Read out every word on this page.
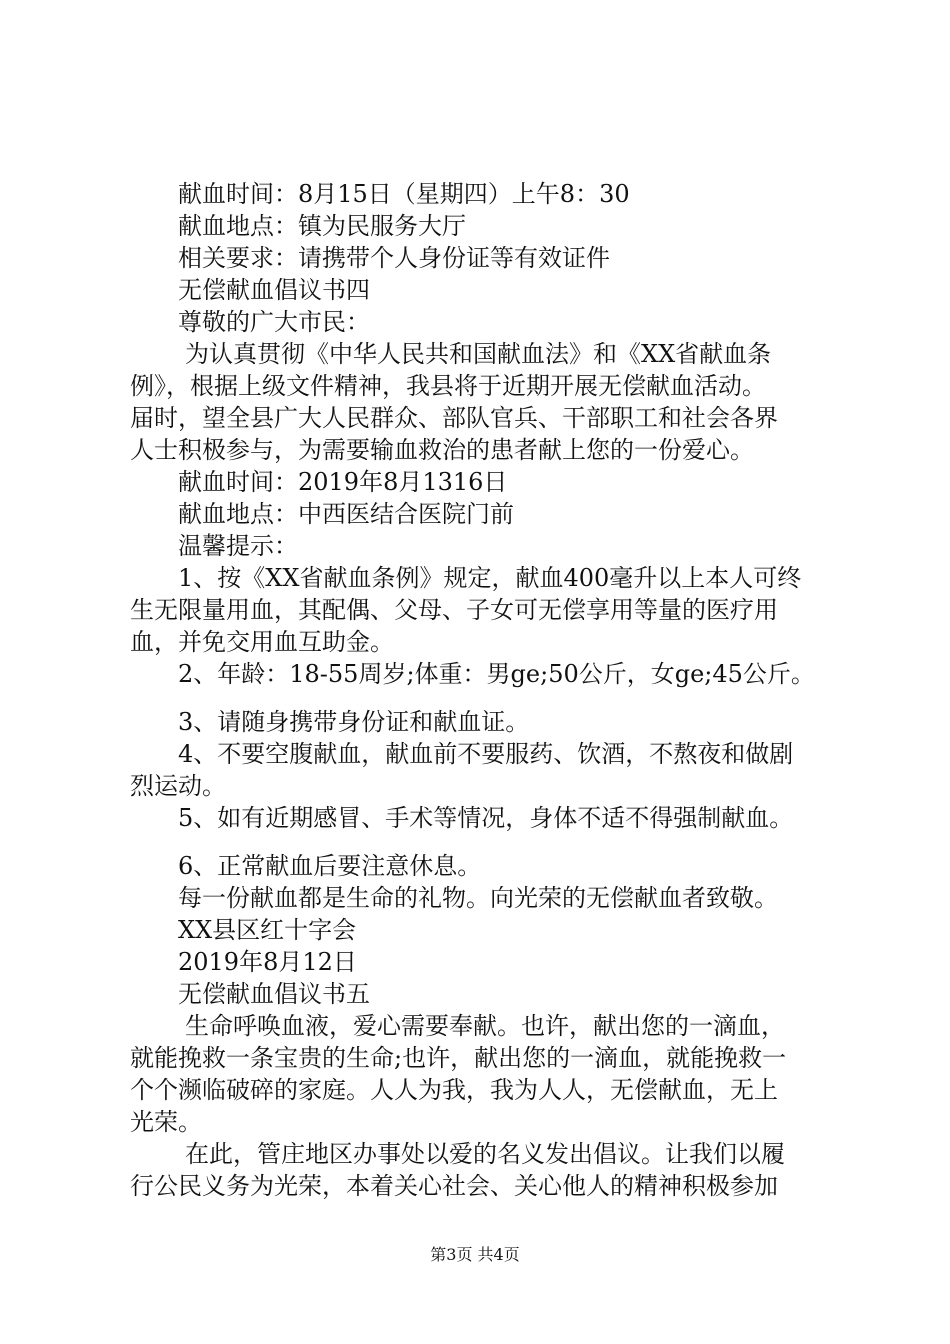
献血时间：8月15日（星期四）上午8：30

献血地点：镇为民服务大厅

相关要求：请携带个人身份证等有效证件

无偿献血倡议书四

尊敬的广大市民：

为认真贯彻《中华人民共和国献血法》和《XX省献血条

例》，根据上级文件精神，我县将于近期开展无偿献血活动。

届时，望全县广大人民群众、部队官兵、干部职工和社会各界

人士积极参与，为需要输血救治的患者献上您的一份爱心。

献血时间：2019年8月1316日

献血地点：中西医结合医院门前

温馨提示：

1、按《XX省献血条例》规定，献血400毫升以上本人可终

生无限量用血，其配偶、父母、子女可无偿享用等量的医疗用

血，并免交用血互助金。

2、年龄：18-55周岁;体重：男ge;50公斤，女ge;45公斤。

3、请随身携带身份证和献血证。

4、不要空腹献血，献血前不要服药、饮酒，不熬夜和做剧

烈运动。

5、如有近期感冒、手术等情况，身体不适不得强制献血。

6、正常献血后要注意休息。

每一份献血都是生命的礼物。向光荣的无偿献血者致敬。

XX县区红十字会

2019年8月12日

无偿献血倡议书五

生命呼唤血液，爱心需要奉献。也许，献出您的一滴血，

就能挽救一条宝贵的生命;也许，献出您的一滴血，就能挽救一

个个濒临破碎的家庭。人人为我，我为人人，无偿献血，无上

光荣。

在此，管庄地区办事处以爱的名义发出倡议。让我们以履

行公民义务为光荣，本着关心社会、关心他人的精神积极参加

第3页 共4页
